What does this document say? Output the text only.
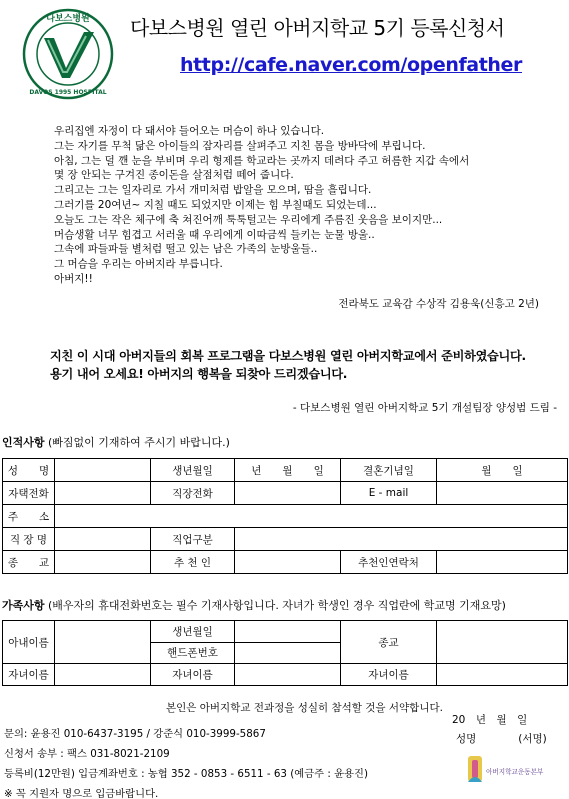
다보스병원
DAVOS 1995 HOSPITAL
다보스병원 열린 아버지학교 5기 등록신청서
http://cafe.naver.com/openfather
우리집엔 자정이 다 돼서야 들어오는 머슴이 하나 있습니다.
그는 자기를 무척 닮은 아이들의 잠자리를 살펴주고 지친 몸을 방바닥에 부립니다.
아침, 그는 덜 깬 눈을 부비며 우리 형제를 학교라는 곳까지 데려다 주고 허름한 지갑 속에서
몇 장 안되는 구겨진 종이돈을 살점처럼 떼어 줍니다.
그리고는 그는 일자리로 가서 개미처럼 밥알을 모으며, 땀을 흘립니다.
그러기를 20여년~ 지칠 때도 되었지만 이제는 힘 부칠때도 되었는데...
오늘도 그는 작은 체구에 축 쳐진어깨 툭툭털고는 우리에게 주름진 웃음을 보이지만...
머슴생활 너무 힘겹고 서러울 때 우리에게 이따금씩 들키는 눈물 방울..
그속에 파들파들 별처럼 떨고 있는 남은 가족의 눈방울들..
그 머슴을 우리는 아버지라 부릅니다.
아버지!!
전라북도 교육감 수상작 김용욱(신흥고 2년)
지친 이 시대 아버지들의 회복 프로그램을 다보스병원 열린 아버지학교에서 준비하였습니다.
용기 내어 오세요! 아버지의 행복을 되찾아 드리겠습니다.
- 다보스병원 열린 아버지학교 5기 개설팀장 양성범 드림 -
인적사항 (빠짐없이 기재하여 주시기 바랍니다.)
성　　명		생년월일	년　　월　　일	결혼기념일	월　　일
자택전화		직장전화		E - mail	
주　　소					
직 장 명		직업구분			
종　　교		추 천 인		추천인연락처	
가족사항 (배우자의 휴대전화번호는 필수 기재사항입니다. 자녀가 학생인 경우 직업란에 학교명 기재요망)
아내이름		생년월일		종교	
		핸드폰번호			
자녀이름		자녀이름		자녀이름	
본인은 아버지학교 전과정을 성실히 참석할 것을 서약합니다.
20　년　월　일
성명	(서명)
문의: 윤용진 010-6437-3195 / 강준식 010-3999-5867
신청서 송부 : 팩스 031-8021-2109
등록비(12만원) 입금계좌번호 : 농협 352 - 0853 - 6511 - 63 (예금주 : 윤용진)
※ 꼭 지원자 명으로 입금바랍니다.
아버지학교운동본부
